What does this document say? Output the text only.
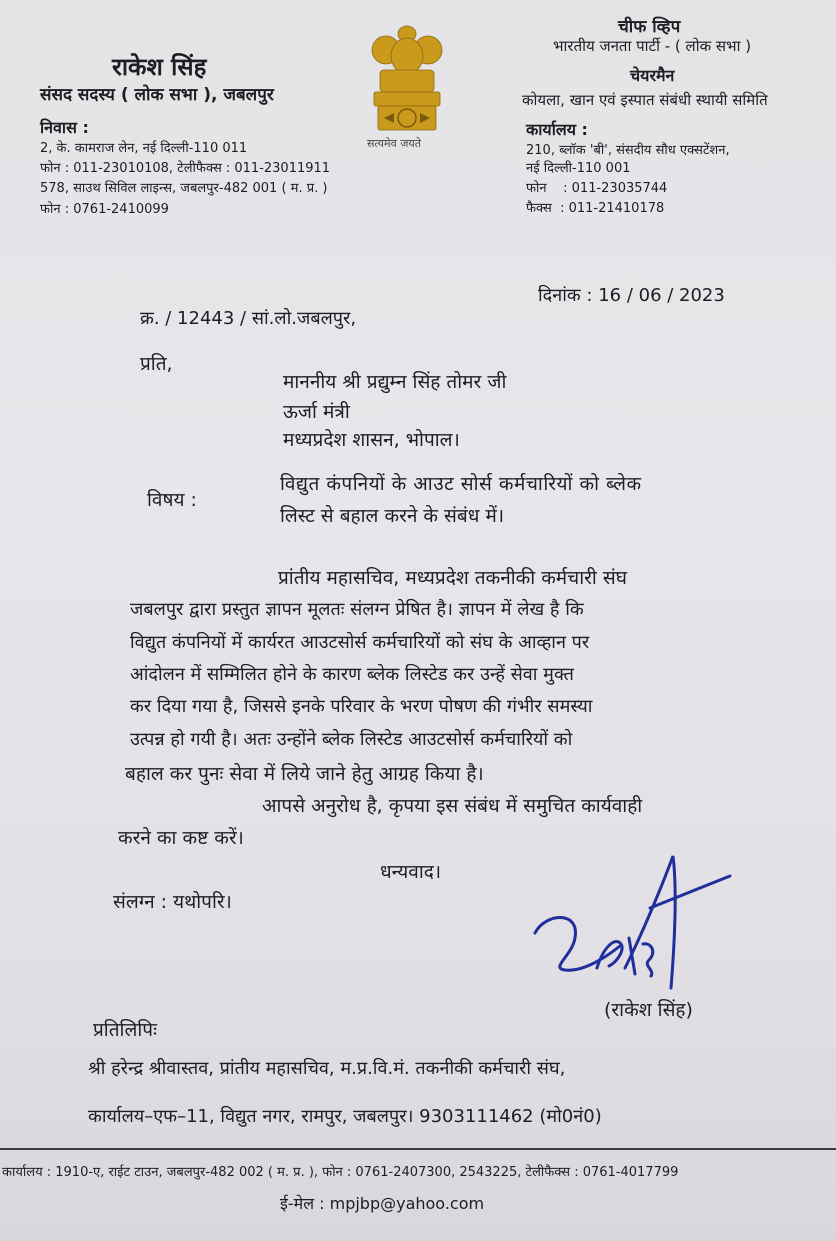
राकेश सिंह
संसद सदस्य ( लोक सभा ), जबलपुर
निवास :
2, के. कामराज लेन, नई दिल्ली-110 011
फोन : 011-23010108, टेलीफैक्स : 011-23011911
578, साउथ सिविल लाइन्स, जबलपुर-482 001 ( म. प्र. )
फोन : 0761-2410099
सत्यमेव जयते
चीफ व्हिप
भारतीय जनता पार्टी - ( लोक सभा )
चेयरमैन
कोयला, खान एवं इस्पात संबंधी स्थायी समिति
कार्यालय :
210, ब्लॉक 'बी', संसदीय सौध एक्सटेंशन,
नई दिल्ली-110 001
फोन    : 011-23035744
फैक्स  : 011-21410178
क्र. / 12443 / सां.लो.जबलपुर,
दिनांक : 16 / 06 / 2023
प्रति,
माननीय श्री प्रद्युम्न सिंह तोमर जी
ऊर्जा मंत्री
मध्यप्रदेश शासन, भोपाल।
विषय :
विद्युत कंपनियों के आउट सोर्स कर्मचारियों को ब्लेक
लिस्ट से बहाल करने के संबंध में।
प्रांतीय महासचिव, मध्यप्रदेश तकनीकी कर्मचारी संघ
जबलपुर द्वारा प्रस्तुत ज्ञापन मूलतः संलग्न प्रेषित है। ज्ञापन में लेख है कि
विद्युत कंपनियों में कार्यरत आउटसोर्स कर्मचारियों को संघ के आव्हान पर
आंदोलन में सम्मिलित होने के कारण ब्लेक लिस्टेड कर उन्हें सेवा मुक्त
कर दिया गया है, जिससे इनके परिवार के भरण पोषण की गंभीर समस्या
उत्पन्न हो गयी है। अतः उन्होंने ब्लेक लिस्टेड आउटसोर्स कर्मचारियों को
बहाल कर पुनः सेवा में लिये जाने हेतु आग्रह किया है।
आपसे अनुरोध है, कृपया इस संबंध में समुचित कार्यवाही
करने का कष्ट करें।
धन्यवाद।
संलग्न : यथोपरि।
(राकेश सिंह)
प्रतिलिपिः
श्री हरेन्द्र श्रीवास्तव, प्रांतीय महासचिव, म.प्र.वि.मं. तकनीकी कर्मचारी संघ,
कार्यालय–एफ–11, विद्युत नगर, रामपुर, जबलपुर। 9303111462 (मो0नं0)
कार्यालय : 1910-ए, राईट टाउन, जबलपुर-482 002 ( म. प्र. ), फोन : 0761-2407300, 2543225, टेलीफैक्स : 0761-4017799
ई-मेल : mpjbp@yahoo.com
